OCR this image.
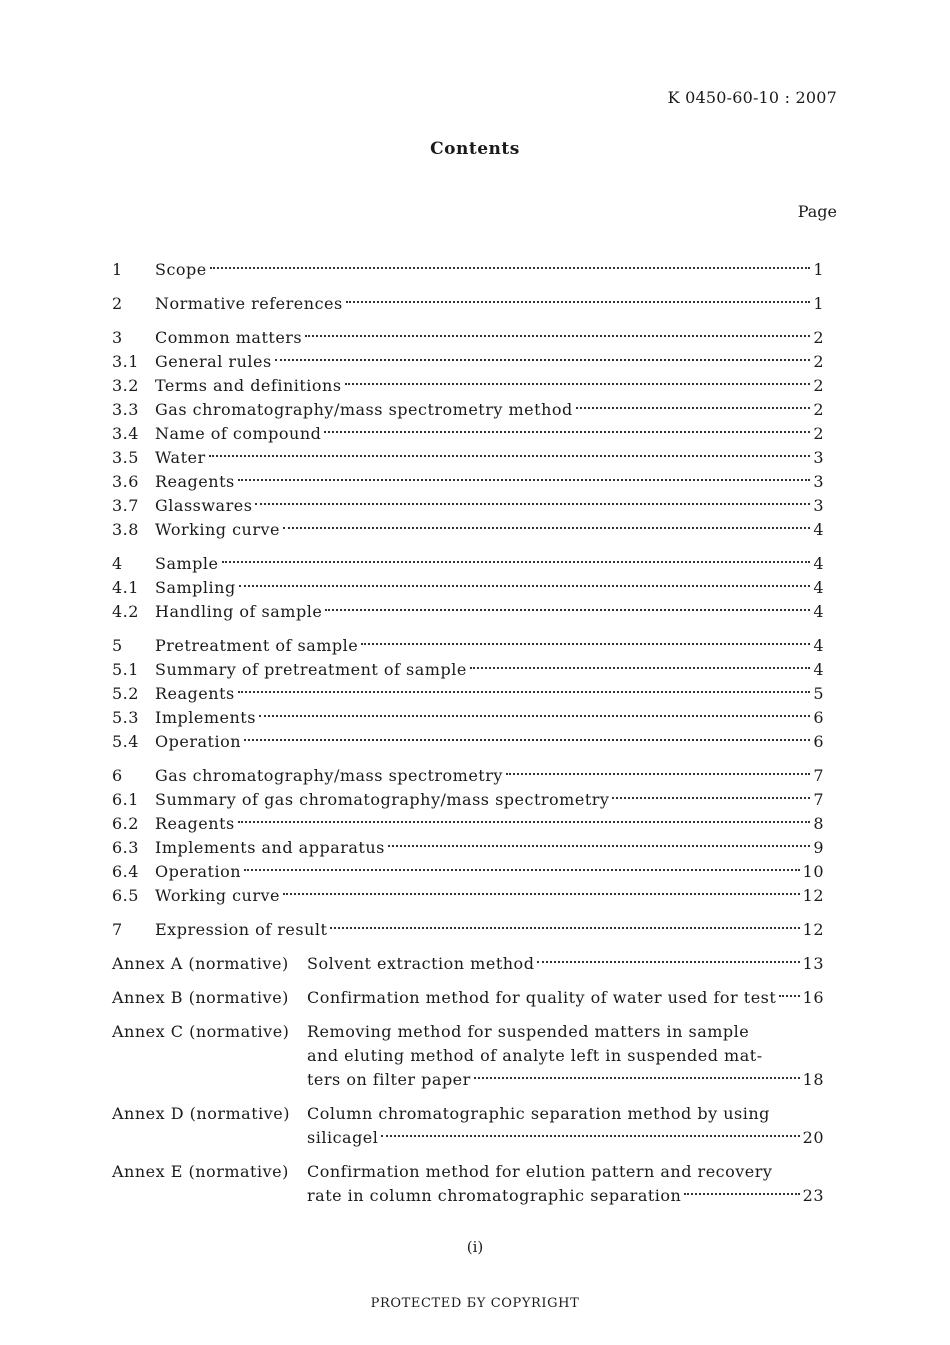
K 0450-60-10 : 2007
Contents
Page
1	Scope	1
2	Normative references	1
3	Common matters	2
3.1	General rules	2
3.2	Terms and definitions	2
3.3	Gas chromatography/mass spectrometry method	2
3.4	Name of compound	2
3.5	Water	3
3.6	Reagents	3
3.7	Glasswares	3
3.8	Working curve	4
4	Sample	4
4.1	Sampling	4
4.2	Handling of sample	4
5	Pretreatment of sample	4
5.1	Summary of pretreatment of sample	4
5.2	Reagents	5
5.3	Implements	6
5.4	Operation	6
6	Gas chromatography/mass spectrometry	7
6.1	Summary of gas chromatography/mass spectrometry	7
6.2	Reagents	8
6.3	Implements and apparatus	9
6.4	Operation	10
6.5	Working curve	12
7	Expression of result	12
Annex A (normative)	Solvent extraction method	13
Annex B (normative)	Confirmation method for quality of water used for test 16
Annex C (normative)	Removing method for suspended matters in sample
and eluting method of analyte left in suspended mat-
ters on filter paper	18
Annex D (normative)	Column chromatographic separation method by using
silicagel	20
Annex E (normative)	Confirmation method for elution pattern and recovery
rate in column chromatographic separation	23
(i)
PROTECTED ƂY COPYRIGHT
